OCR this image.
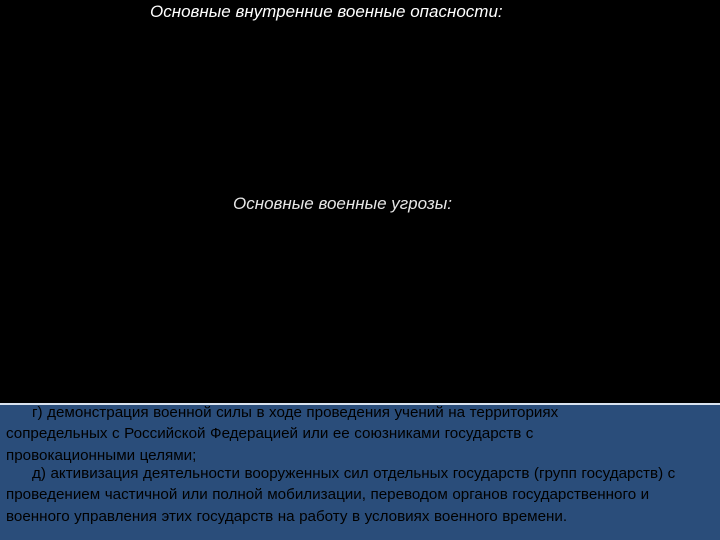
Основные внутренние военные опасности:

а) попытки насильственного изменения конституционного строя Российской Федерации;

б) подрыв суверенитета, нарушение единства и территориальной целостности Российской Федерации;

в) дезорганизация функционирования органов государственной власти, важных государственных, военных объектов и информационной инфраструктуры Российской Федерации.

Основные военные угрозы:

а) резкое обострение военно-политической обстановки (межгосударственных отношений) и создание условий для применения военной силы;

б) воспрепятствование работе систем государственного и военного управления Российской Федерации, нарушение функционирования ее стратегических ядерных сил, систем предупреждения о ракетном нападении, контроля космического пространства, объектов хранения ядерных боеприпасов, атомной энергетики, атомной, химической промышленности и других потенциально опасных объектов;

в) создание и подготовка незаконных вооруженных формирований, их деятельность на территории Российской Федерации или на территориях ее союзников;

г) демонстрация военной силы в ходе проведения учений на территориях сопредельных с Российской Федерацией или ее союзниками государств с провокационными целями;

д) активизация деятельности вооруженных сил отдельных государств (групп государств) с проведением частичной или полной мобилизации, переводом органов государственного и военного управления этих государств на работу в условиях военного времени.
